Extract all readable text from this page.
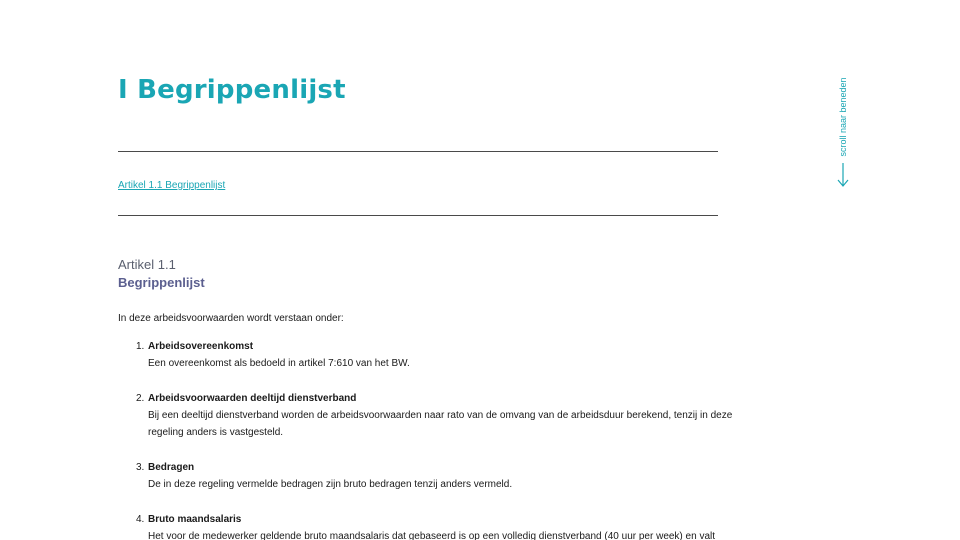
I Begrippenlijst
Artikel 1.1 Begrippenlijst
scroll naar beneden
Artikel 1.1
Begrippenlijst

In deze arbeidsvoorwaarden wordt verstaan onder:

1. Arbeidsovereenkomst
Een overeenkomst als bedoeld in artikel 7:610 van het BW.
2. Arbeidsvoorwaarden deeltijd dienstverband
Bij een deeltijd dienstverband worden de arbeidsvoorwaarden naar rato van de omvang van de arbeidsduur berekend, tenzij in deze regeling anders is vastgesteld.
3. Bedragen
De in deze regeling vermelde bedragen zijn bruto bedragen tenzij anders vermeld.
4. Bruto maandsalaris
Het voor de medewerker geldende bruto maandsalaris dat gebaseerd is op een volledig dienstverband (40 uur per week) en valt
